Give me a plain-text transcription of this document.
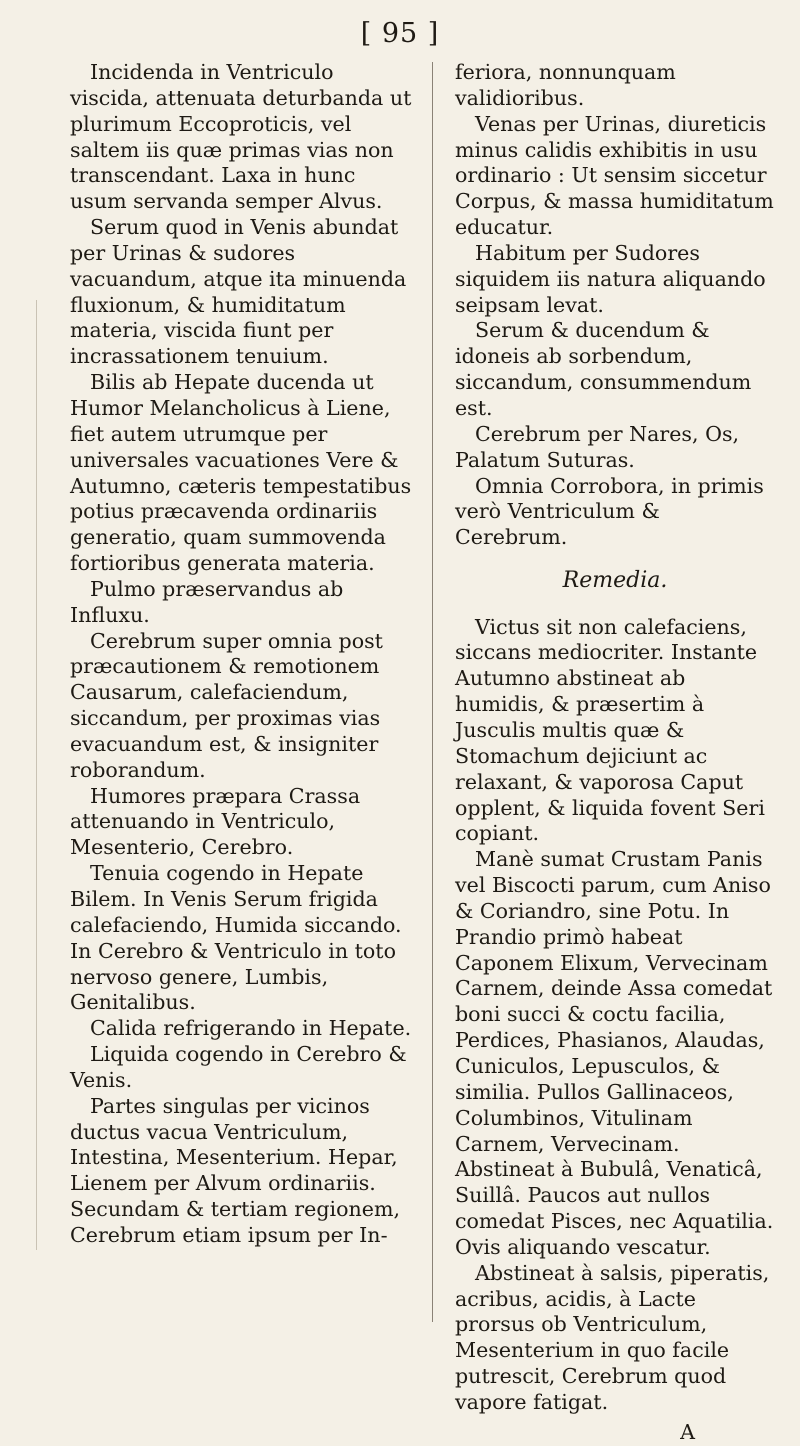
[ 95 ]

Incidenda in Ventriculo viscida, attenuata deturbanda ut plurimum Eccoproticis, vel saltem iis quæ primas vias non transcendant. Laxa in hunc usum servanda semper Alvus.

Serum quod in Venis abundat per Urinas & sudores vacuandum, atque ita minuenda fluxionum, & humiditatum materia, viscida fiunt per incrassationem tenuium.

Bilis ab Hepate ducenda ut Humor Melancholicus à Liene, fiet autem utrumque per universales vacuationes Vere & Autumno, cæteris tempestatibus potius præcavenda ordinariis generatio, quam summovenda fortioribus generata materia.

Pulmo præservandus ab Influxu.

Cerebrum super omnia post præcautionem & remotionem Causarum, calefaciendum, siccandum, per proximas vias evacuandum est, & insigniter roborandum.

Humores præpara Crassa attenuando in Ventriculo, Mesenterio, Cerebro.

Tenuia cogendo in Hepate Bilem. In Venis Serum frigida calefaciendo, Humida siccando. In Cerebro & Ventriculo in toto nervoso genere, Lumbis, Genitalibus.

Calida refrigerando in Hepate.

Liquida cogendo in Cerebro & Venis.

Partes singulas per vicinos ductus vacua Ventriculum, Intestina, Mesenterium. Hepar, Lienem per Alvum ordinariis. Secundam & tertiam regionem, Cerebrum etiam ipsum per In-

feriora, nonnunquam validioribus.

Venas per Urinas, diureticis minus calidis exhibitis in usu ordinario : Ut sensim siccetur Corpus, & massa humiditatum educatur.

Habitum per Sudores siquidem iis natura aliquando seipsam levat.

Serum & ducendum & idoneis ab sorbendum, siccandum, consummendum est.

Cerebrum per Nares, Os, Palatum Suturas.

Omnia Corrobora, in primis verò Ventriculum & Cerebrum.

Remedia.

Victus sit non calefaciens, siccans mediocriter. Instante Autumno abstineat ab humidis, & præsertim à Jusculis multis quæ & Stomachum dejiciunt ac relaxant, & vaporosa Caput opplent, & liquida fovent Seri copiant.

Manè sumat Crustam Panis vel Biscocti parum, cum Aniso & Coriandro, sine Potu. In Prandio primò habeat Caponem Elixum, Vervecinam Carnem, deinde Assa comedat boni succi & coctu facilia, Perdices, Phasianos, Alaudas, Cuniculos, Lepusculos, & similia. Pullos Gallinaceos, Columbinos, Vitulinam Carnem, Vervecinam. Abstineat à Bubulâ, Venaticâ, Suillâ. Paucos aut nullos comedat Pisces, nec Aquatilia. Ovis aliquando vescatur.

Abstineat à salsis, piperatis, acribus, acidis, à Lacte prorsus ob Ventriculum, Mesenterium in quo facile putrescit, Cerebrum quod vapore fatigat.

A
